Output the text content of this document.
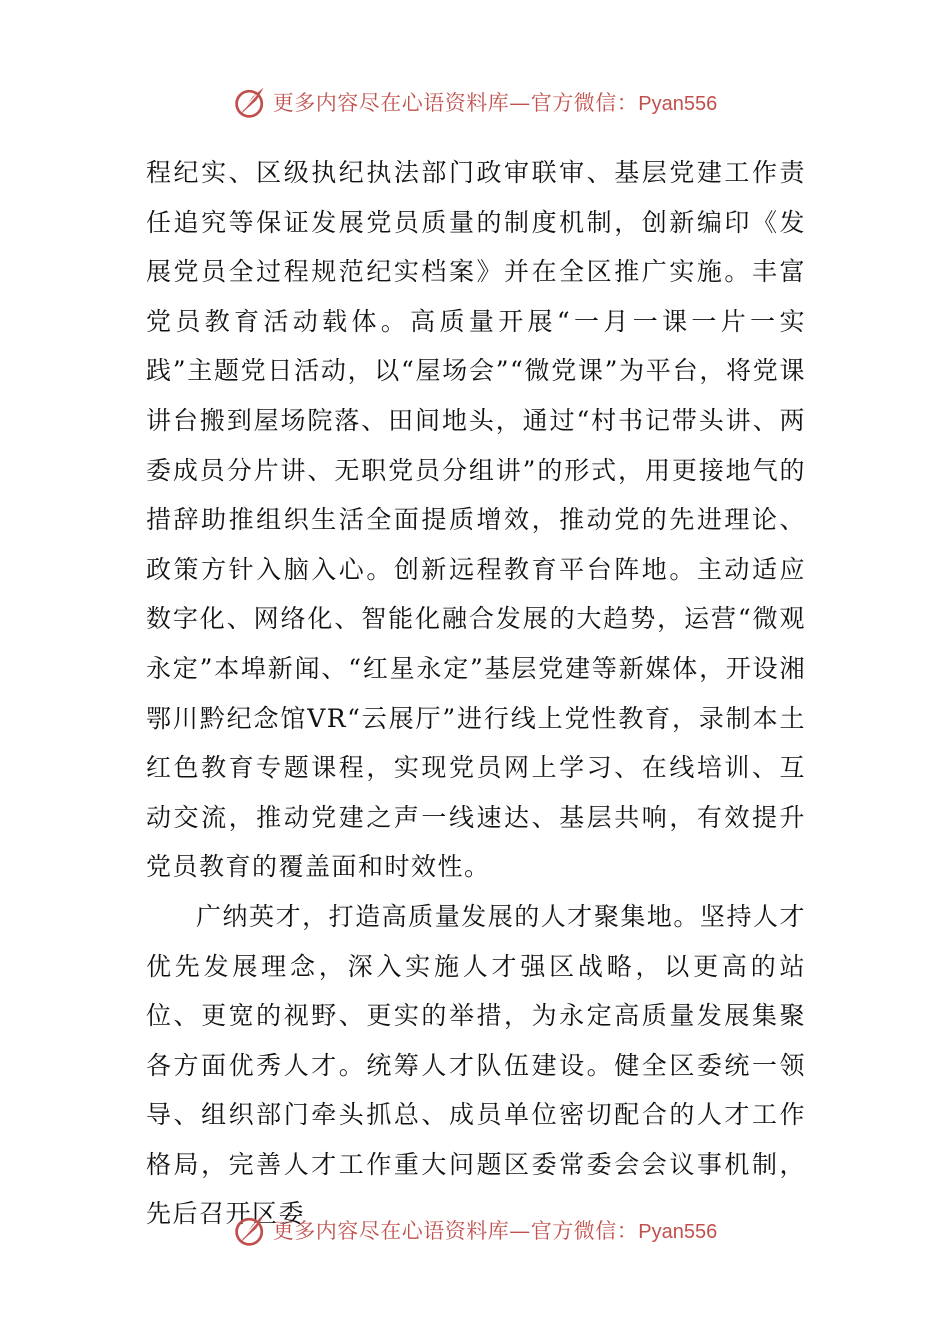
更多内容尽在心语资料库—官方微信：Pyan556

程纪实、区级执纪执法部门政审联审、基层党建工作责任追究等保证发展党员质量的制度机制，创新编印《发展党员全过程规范纪实档案》并在全区推广实施。丰富党员教育活动载体。高质量开展“一月一课一片一实践”主题党日活动，以“屋场会”“微党课”为平台，将党课讲台搬到屋场院落、田间地头，通过“村书记带头讲、两委成员分片讲、无职党员分组讲”的形式，用更接地气的措辞助推组织生活全面提质增效，推动党的先进理论、政策方针入脑入心。创新远程教育平台阵地。主动适应数字化、网络化、智能化融合发展的大趋势，运营“微观永定”本埠新闻、“红星永定”基层党建等新媒体，开设湘鄂川黔纪念馆VR“云展厅”进行线上党性教育，录制本土红色教育专题课程，实现党员网上学习、在线培训、互动交流，推动党建之声一线速达、基层共响，有效提升党员教育的覆盖面和时效性。

广纳英才，打造高质量发展的人才聚集地。坚持人才优先发展理念，深入实施人才强区战略，以更高的站位、更宽的视野、更实的举措，为永定高质量发展集聚各方面优秀人才。统筹人才队伍建设。健全区委统一领导、组织部门牵头抓总、成员单位密切配合的人才工作格局，完善人才工作重大问题区委常委会会议事机制，先后召开区委

更多内容尽在心语资料库—官方微信：Pyan556
